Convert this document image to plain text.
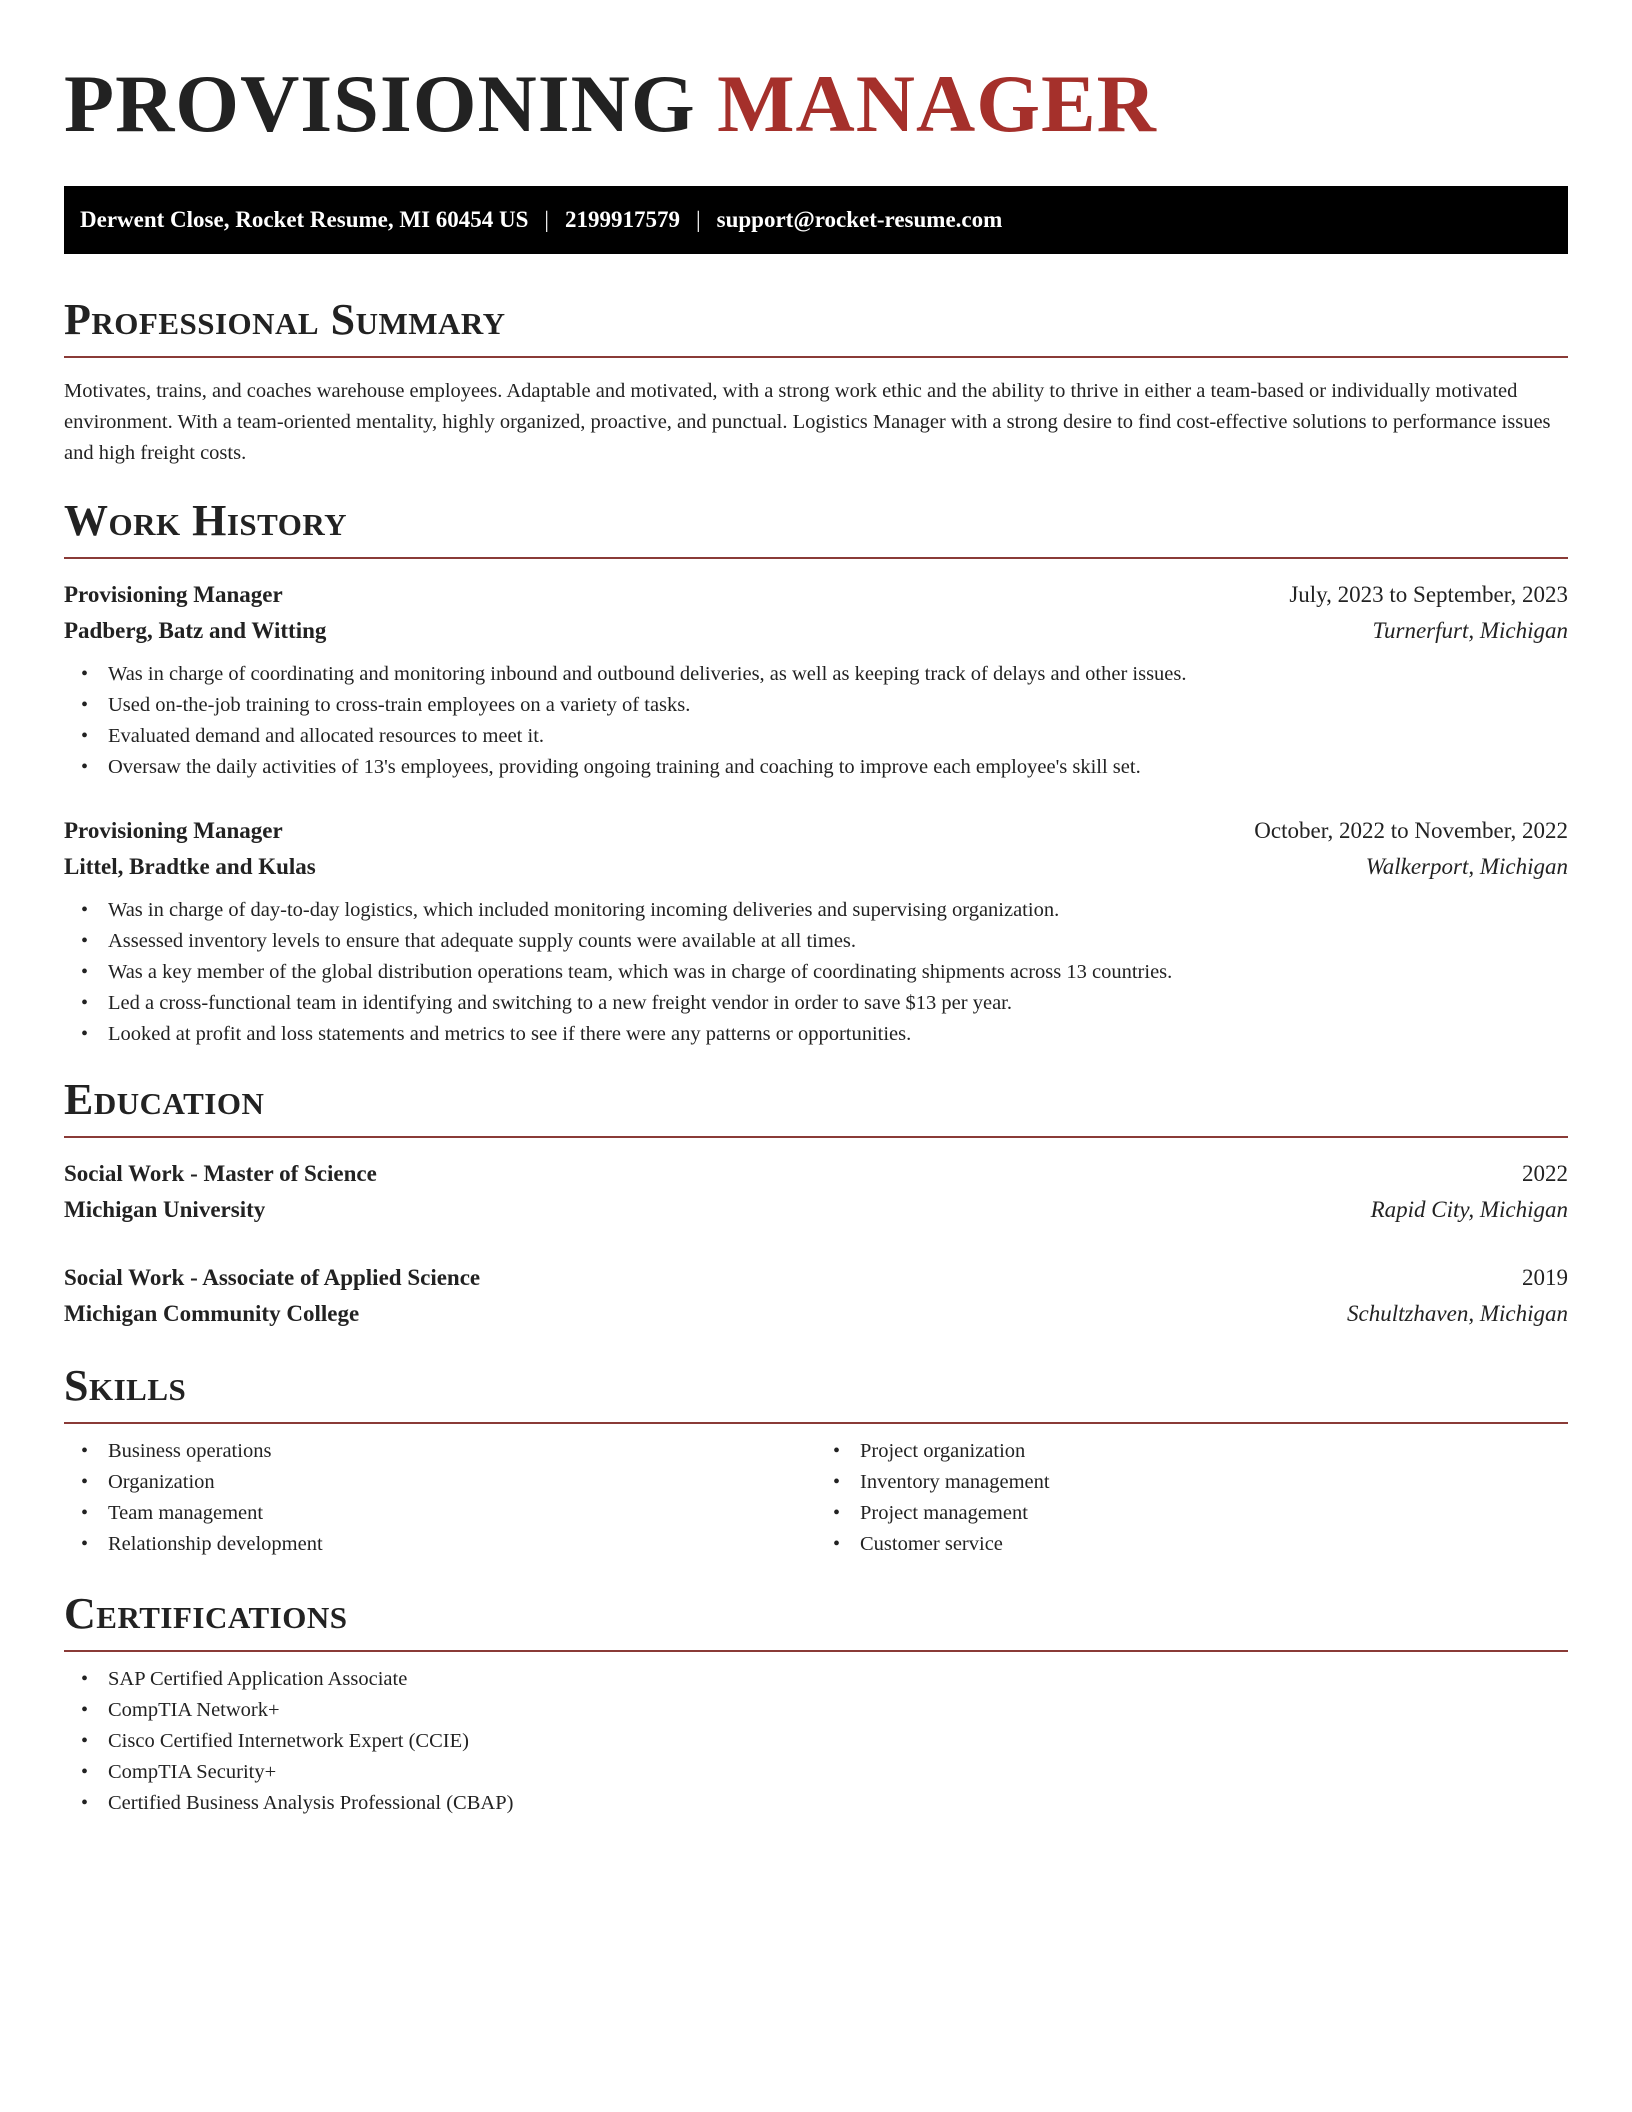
PROVISIONING MANAGER
Derwent Close, Rocket Resume, MI 60454 US | 2199917579 | support@rocket-resume.com
Professional Summary

Motivates, trains, and coaches warehouse employees. Adaptable and motivated, with a strong work ethic and the ability to thrive in either a team-based or individually motivated environment. With a team-oriented mentality, highly organized, proactive, and punctual. Logistics Manager with a strong desire to find cost-effective solutions to performance issues and high freight costs.

Work History
Provisioning Manager	July, 2023 to September, 2023
Padberg, Batz and Witting	Turnerfurt, Michigan
• Was in charge of coordinating and monitoring inbound and outbound deliveries, as well as keeping track of delays and other issues.
• Used on-the-job training to cross-train employees on a variety of tasks.
• Evaluated demand and allocated resources to meet it.
• Oversaw the daily activities of 13's employees, providing ongoing training and coaching to improve each employee's skill set.
Provisioning Manager	October, 2022 to November, 2022
Littel, Bradtke and Kulas	Walkerport, Michigan
• Was in charge of day-to-day logistics, which included monitoring incoming deliveries and supervising organization.
• Assessed inventory levels to ensure that adequate supply counts were available at all times.
• Was a key member of the global distribution operations team, which was in charge of coordinating shipments across 13 countries.
• Led a cross-functional team in identifying and switching to a new freight vendor in order to save $13 per year.
• Looked at profit and loss statements and metrics to see if there were any patterns or opportunities.
Education
Social Work - Master of Science	2022
Michigan University	Rapid City, Michigan
Social Work - Associate of Applied Science	2019
Michigan Community College	Schultzhaven, Michigan
Skills
• Business operations
• Organization
• Team management
• Relationship development
• Project organization
• Inventory management
• Project management
• Customer service
Certifications
• SAP Certified Application Associate
• CompTIA Network+
• Cisco Certified Internetwork Expert (CCIE)
• CompTIA Security+
• Certified Business Analysis Professional (CBAP)
